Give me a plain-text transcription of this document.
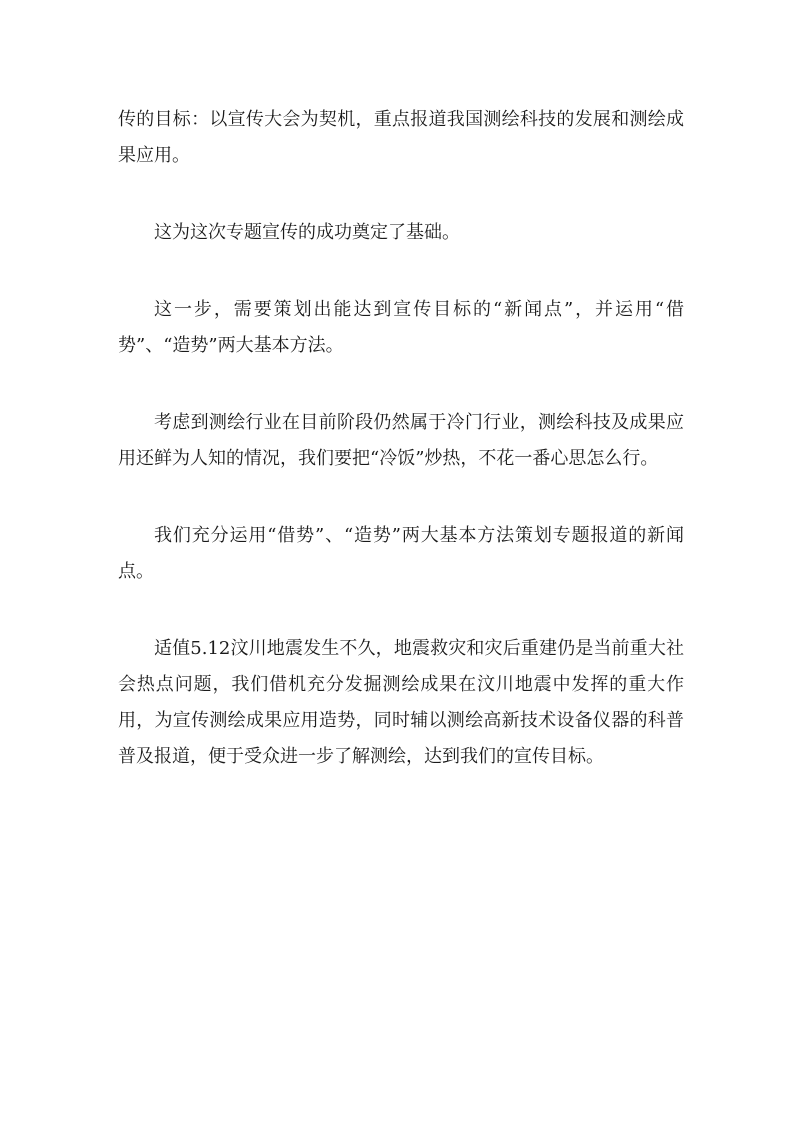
传的目标：以宣传大会为契机，重点报道我国测绘科技的发展和测绘成果应用。

这为这次专题宣传的成功奠定了基础。

这一步，需要策划出能达到宣传目标的“新闻点”，并运用“借势”、“造势”两大基本方法。

考虑到测绘行业在目前阶段仍然属于冷门行业，测绘科技及成果应用还鲜为人知的情况，我们要把“冷饭”炒热，不花一番心思怎么行。

我们充分运用“借势”、“造势”两大基本方法策划专题报道的新闻点。

适值5.12汶川地震发生不久，地震救灾和灾后重建仍是当前重大社会热点问题，我们借机充分发掘测绘成果在汶川地震中发挥的重大作用，为宣传测绘成果应用造势，同时辅以测绘高新技术设备仪器的科普普及报道，便于受众进一步了解测绘，达到我们的宣传目标。
